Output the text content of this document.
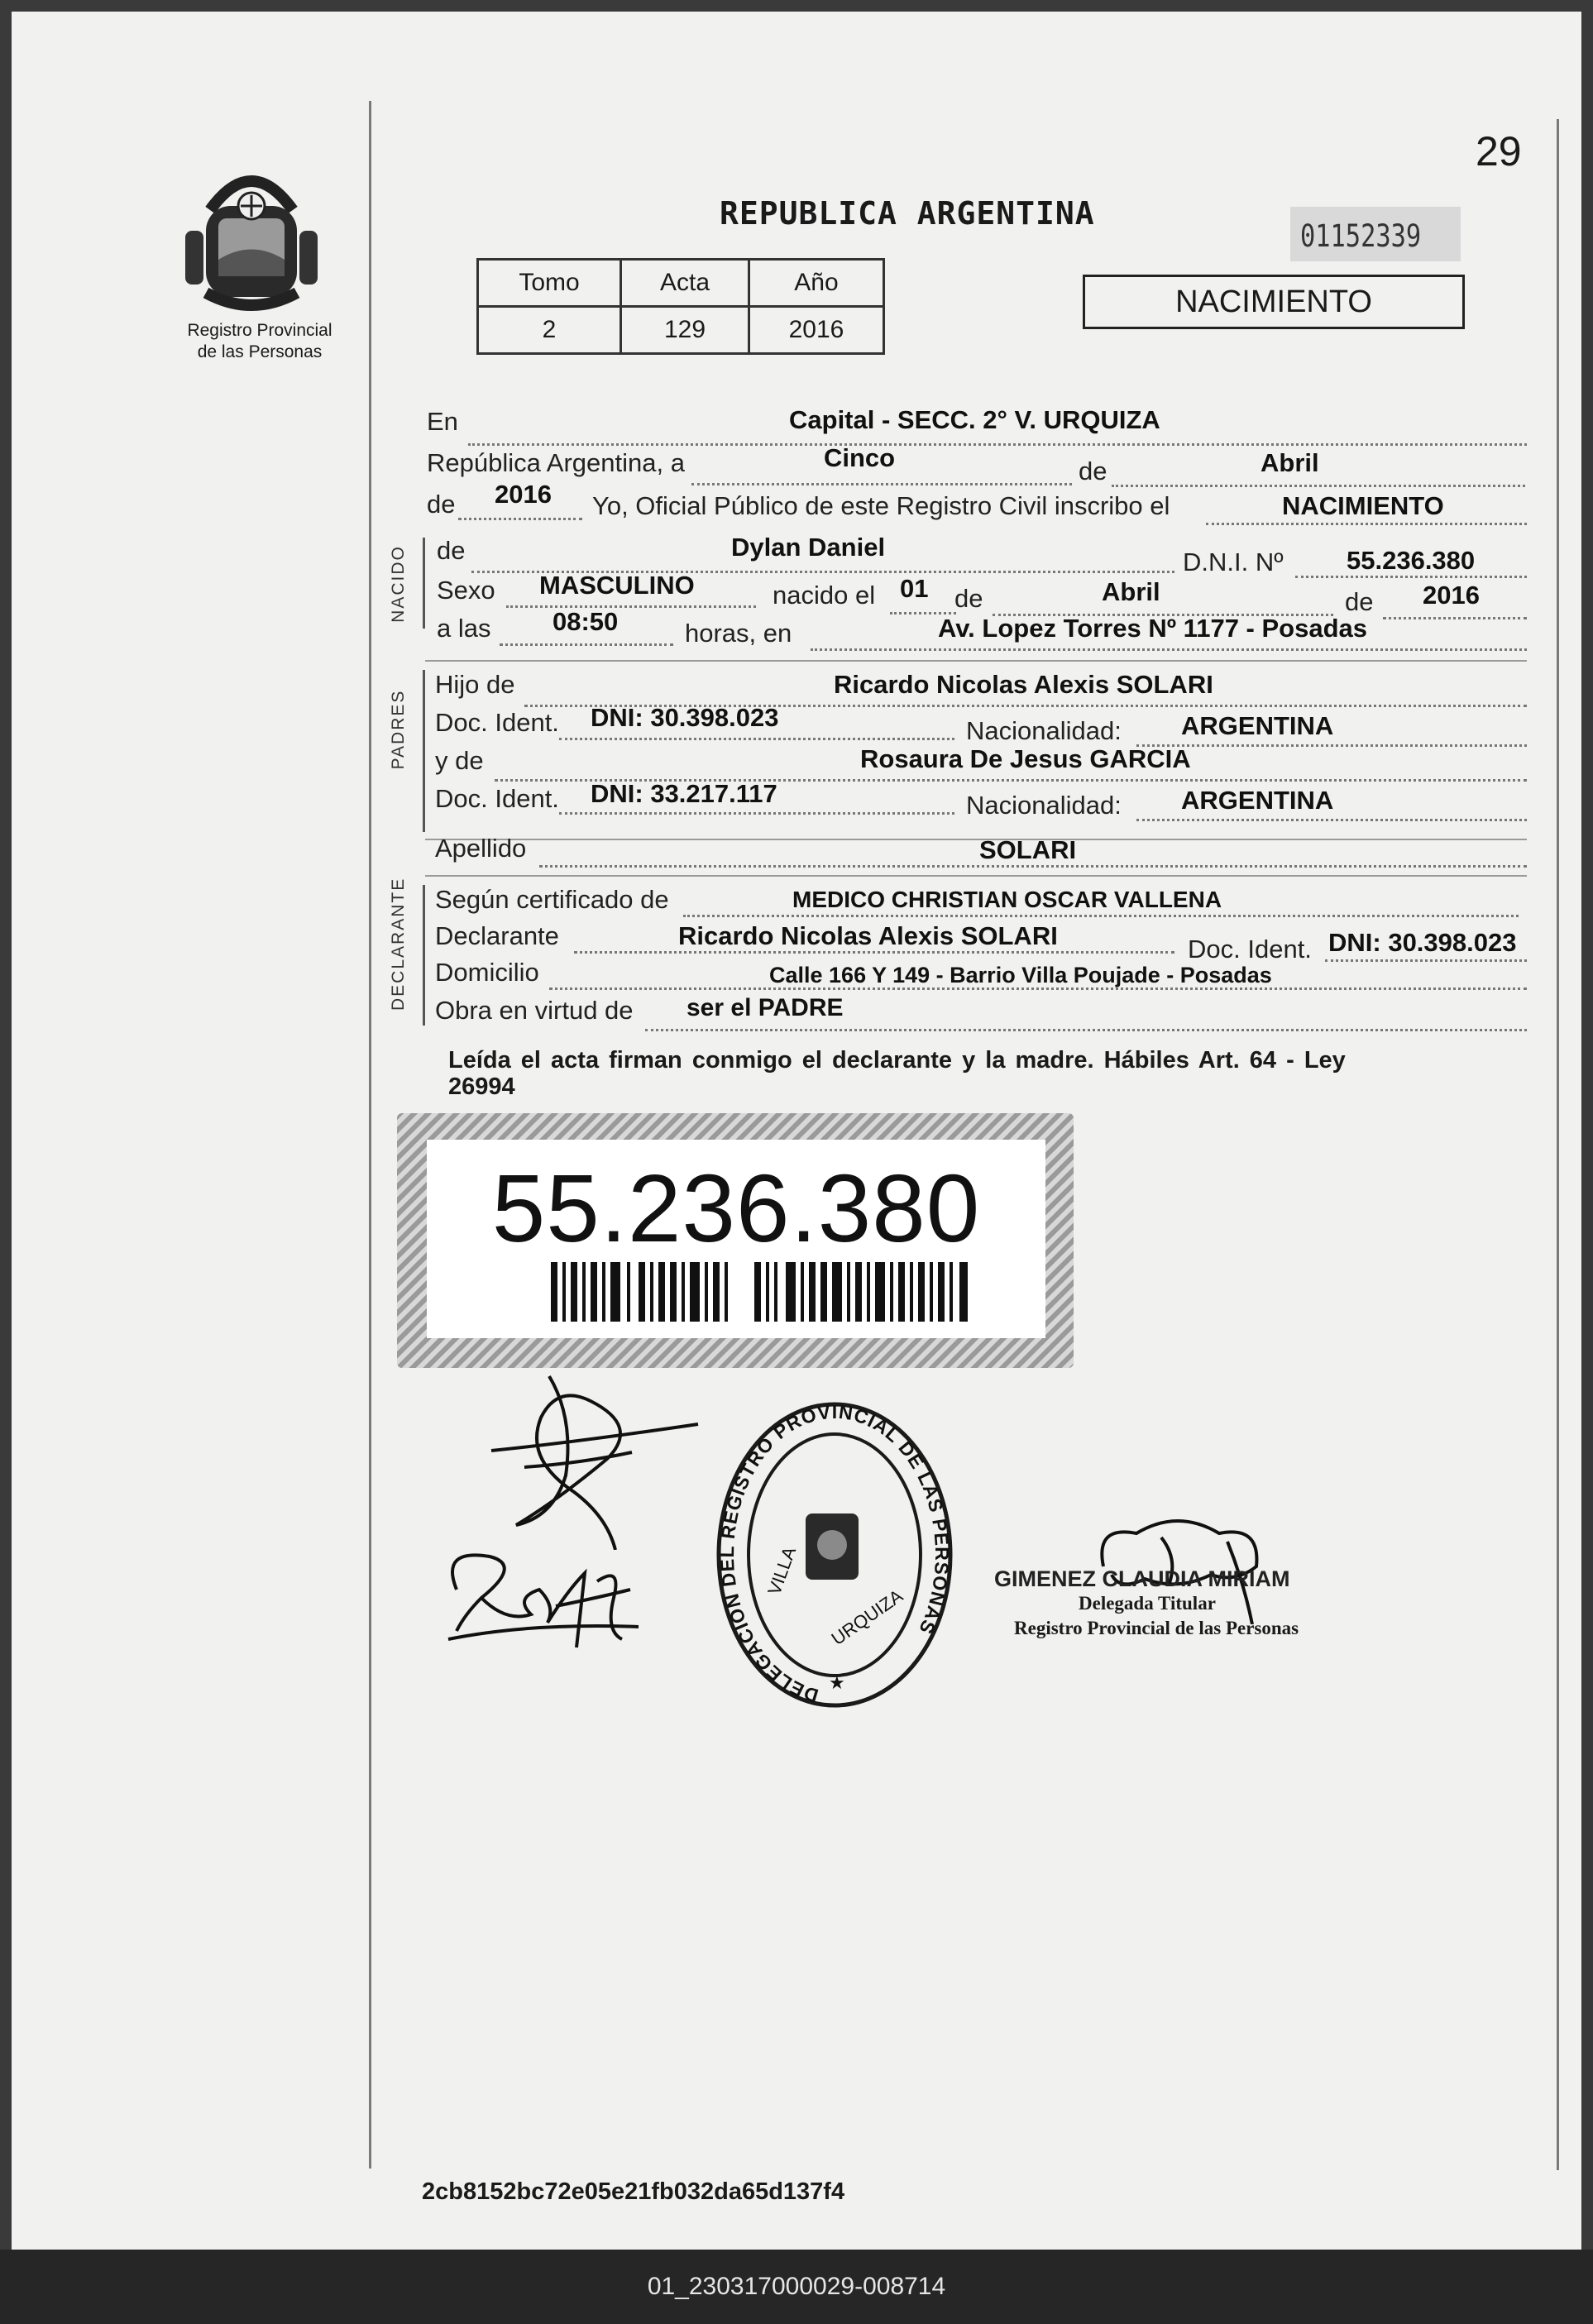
29
Registro Provincial
de las Personas
REPUBLICA ARGENTINA
01152339
Tomo	Acta	Año
2	129	2016
NACIMIENTO
En	Capital - SECC. 2° V. URQUIZA
República Argentina, a	Cinco	de	Abril
de 2016 Yo, Oficial Público de este Registro Civil inscribo el	NACIMIENTO
NACIDO de	Dylan Daniel
D.N.I. Nº 55.236.380
Sexo MASCULINO	nacido el 01 de	Abril	de 2016
a las 08:50	horas, en	Av. Lopez Torres Nº 1177 - Posadas
PADRES
Hijo de	Ricardo Nicolas Alexis SOLARI
Doc. Ident. DNI: 30.398.023	Nacionalidad: ARGENTINA
y de	Rosaura De Jesus GARCIA
Doc. Ident. DNI: 33.217.117	Nacionalidad: ARGENTINA
Apellido	SOLARI
DECLARANTE Según certificado de	MEDICO CHRISTIAN OSCAR VALLENA
Declarante	Ricardo Nicolas Alexis SOLARI	Doc. Ident. DNI: 30.398.023
Domicilio	Calle 166 Y 149 - Barrio Villa Poujade - Posadas
Obra en virtud de ser el PADRE
Leída el acta firman conmigo el declarante y la madre. Hábiles Art. 64 - Ley
26994
55.236.380
DELEGACION DEL REGISTRO PROVINCIAL DE LAS PERSONAS
VILLA
URQUIZA
★
GIMENEZ CLAUDIA MIRIAM
Delegada Titular
Registro Provincial de las Personas
2cb8152bc72e05e21fb032da65d137f4
01_230317000029-008714
